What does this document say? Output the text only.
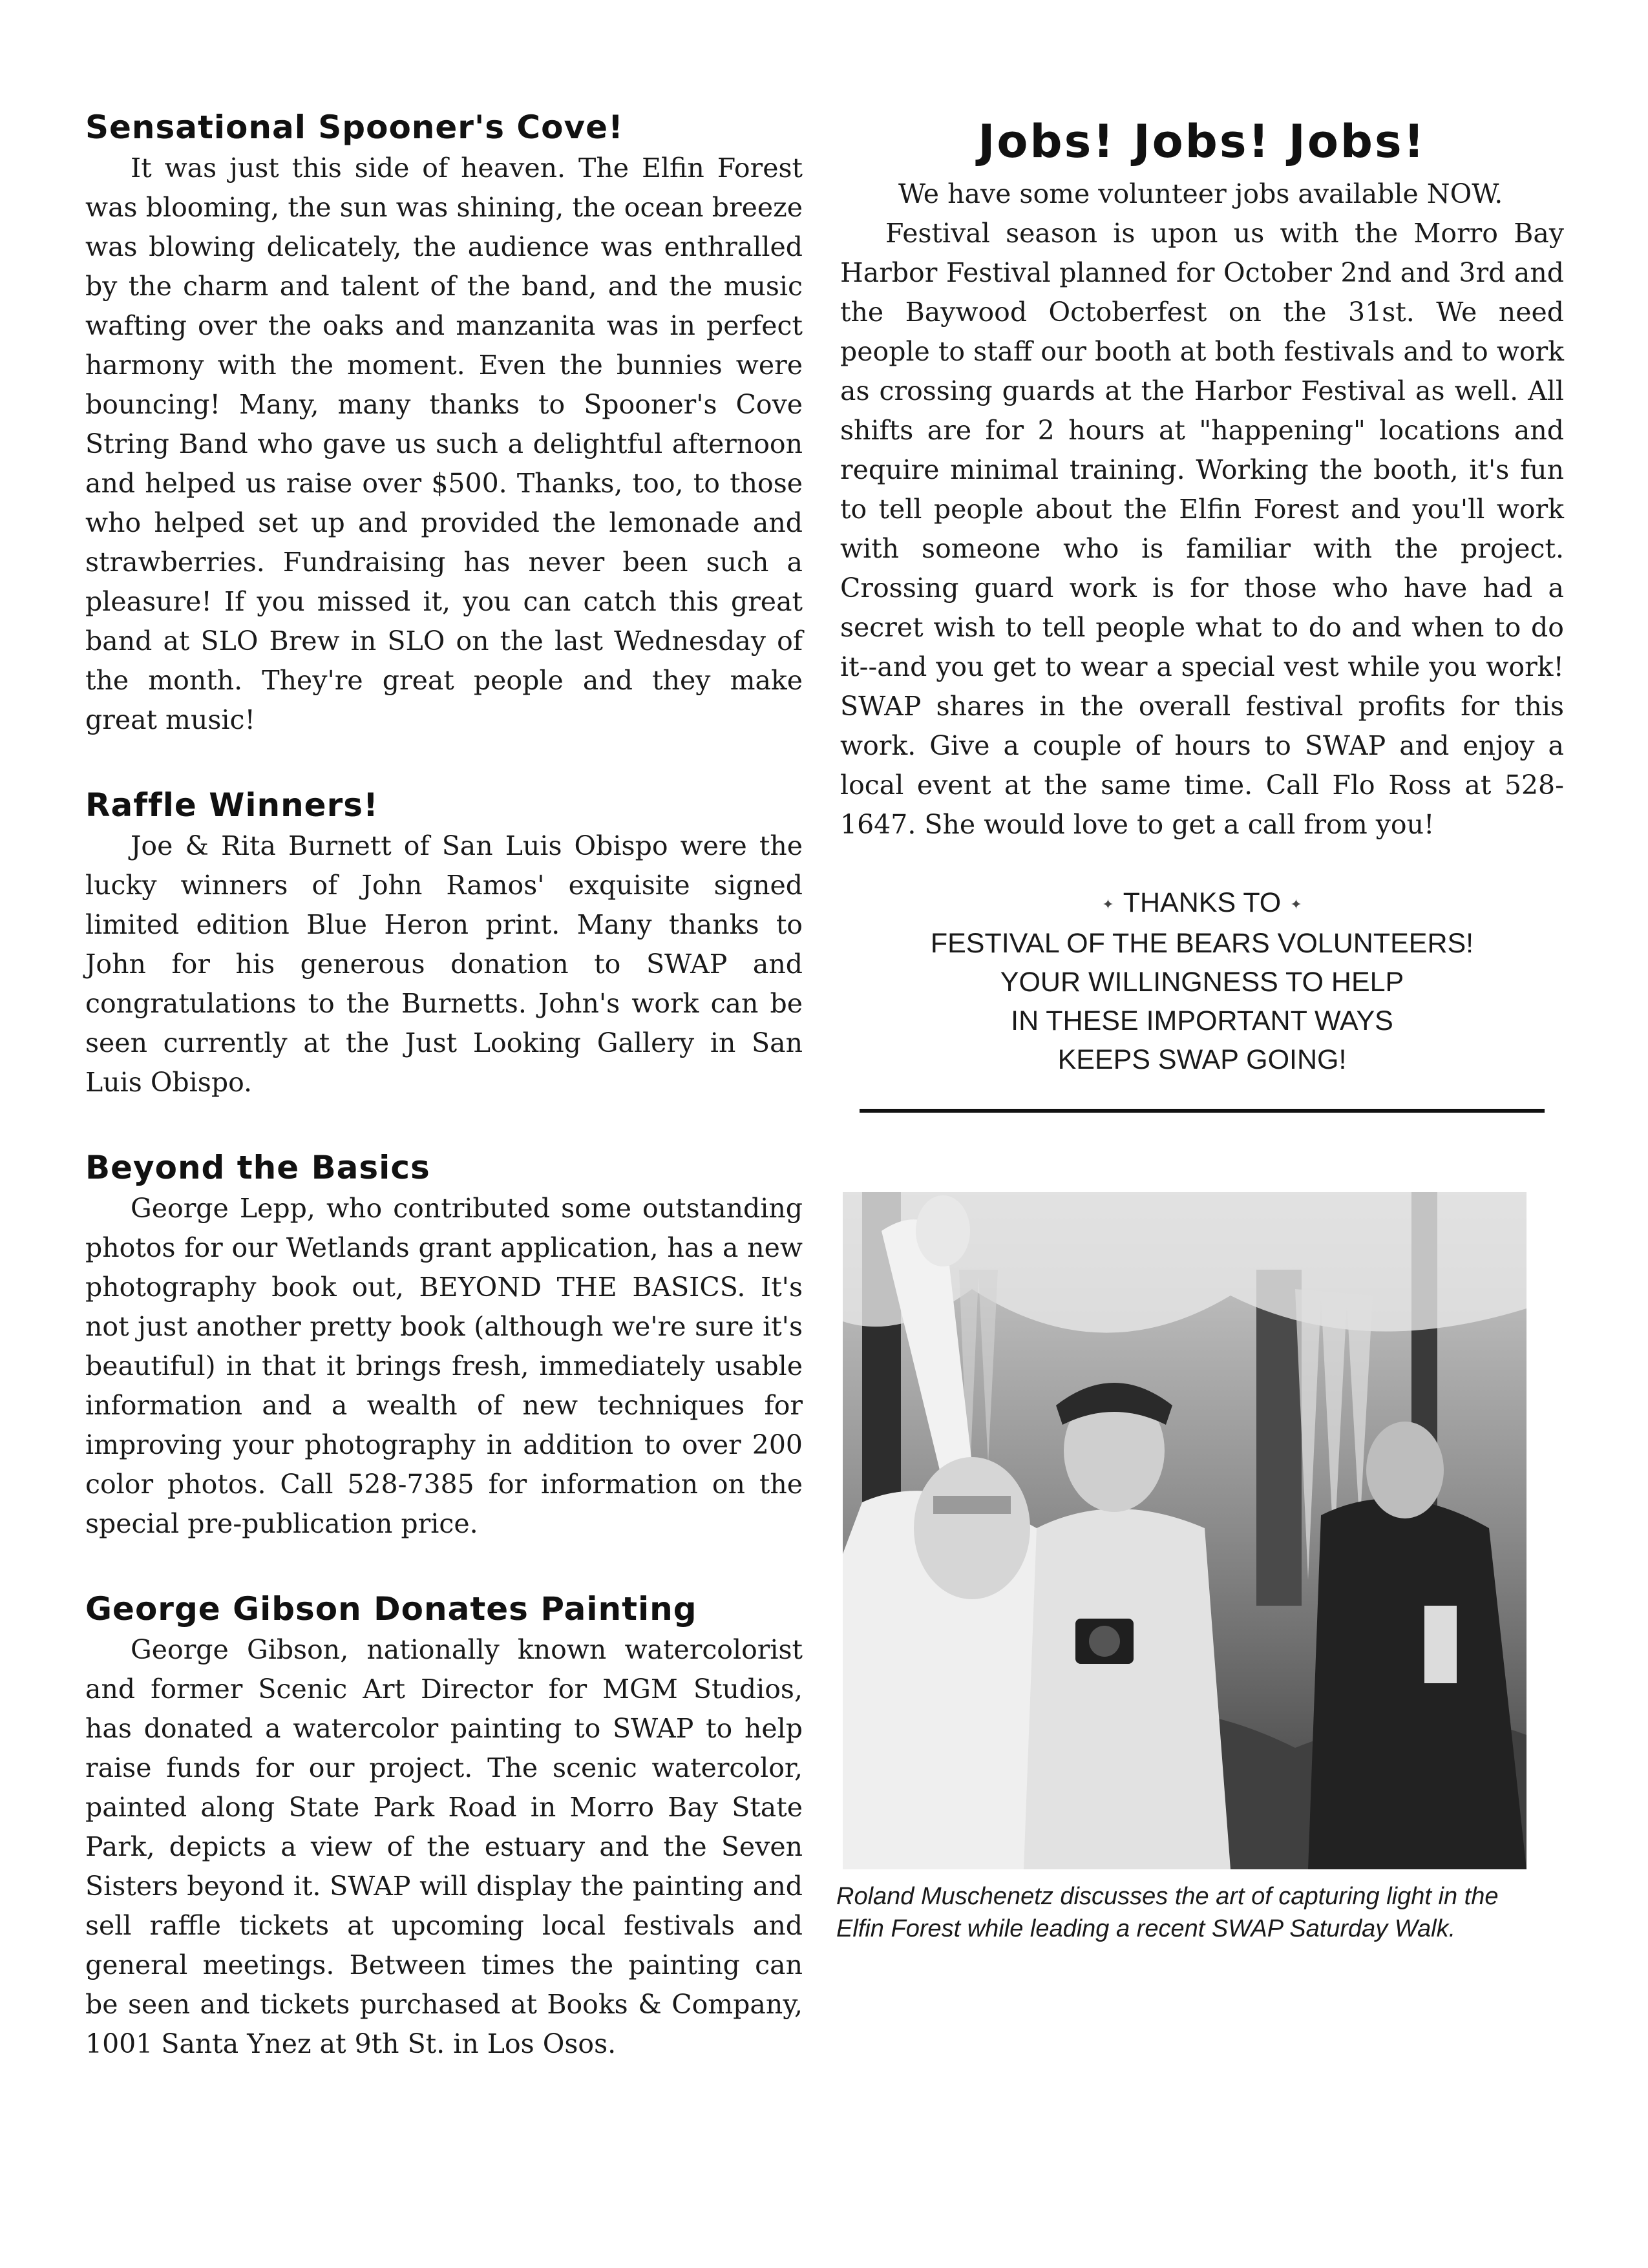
Sensational Spooner's Cove!

It was just this side of heaven. The Elfin Forest was blooming, the sun was shining, the ocean breeze was blowing delicately, the audience was enthralled by the charm and talent of the band, and the music wafting over the oaks and manzanita was in perfect harmony with the moment. Even the bunnies were bouncing! Many, many thanks to Spooner's Cove String Band who gave us such a delightful afternoon and helped us raise over $500. Thanks, too, to those who helped set up and provided the lemonade and strawberries. Fundraising has never been such a pleasure! If you missed it, you can catch this great band at SLO Brew in SLO on the last Wednesday of the month. They're great people and they make great music!

Raffle Winners!

Joe & Rita Burnett of San Luis Obispo were the lucky winners of John Ramos' exquisite signed limited edition Blue Heron print. Many thanks to John for his generous donation to SWAP and congratulations to the Burnetts. John's work can be seen currently at the Just Looking Gallery in San Luis Obispo.

Beyond the Basics

George Lepp, who contributed some outstanding photos for our Wetlands grant application, has a new photography book out, BEYOND THE BASICS. It's not just another pretty book (although we're sure it's beautiful) in that it brings fresh, immediately usable information and a wealth of new techniques for improving your photography in addition to over 200 color photos. Call 528-7385 for information on the special pre-publication price.

George Gibson Donates Painting

George Gibson, nationally known watercolorist and former Scenic Art Director for MGM Studios, has donated a watercolor painting to SWAP to help raise funds for our project. The scenic watercolor, painted along State Park Road in Morro Bay State Park, depicts a view of the estuary and the Seven Sisters beyond it. SWAP will display the painting and sell raffle tickets at upcoming local festivals and general meetings. Between times the painting can be seen and tickets purchased at Books & Company, 1001 Santa Ynez at 9th St. in Los Osos.

Jobs! Jobs! Jobs!

We have some volunteer jobs available NOW.

Festival season is upon us with the Morro Bay Harbor Festival planned for October 2nd and 3rd and the Baywood Octoberfest on the 31st. We need people to staff our booth at both festivals and to work as crossing guards at the Harbor Festival as well. All shifts are for 2 hours at "happening" locations and require minimal training. Working the booth, it's fun to tell people about the Elfin Forest and you'll work with someone who is familiar with the project. Crossing guard work is for those who have had a secret wish to tell people what to do and when to do it--and you get to wear a special vest while you work! SWAP shares in the overall festival profits for this work. Give a couple of hours to SWAP and enjoy a local event at the same time. Call Flo Ross at 528-1647. She would love to get a call from you!

✦ THANKS TO ✦
FESTIVAL OF THE BEARS VOLUNTEERS!
YOUR WILLINGNESS TO HELP
IN THESE IMPORTANT WAYS
KEEPS SWAP GOING!
Roland Muschenetz discusses the art of capturing light in the Elfin Forest while leading a recent SWAP Saturday Walk.
